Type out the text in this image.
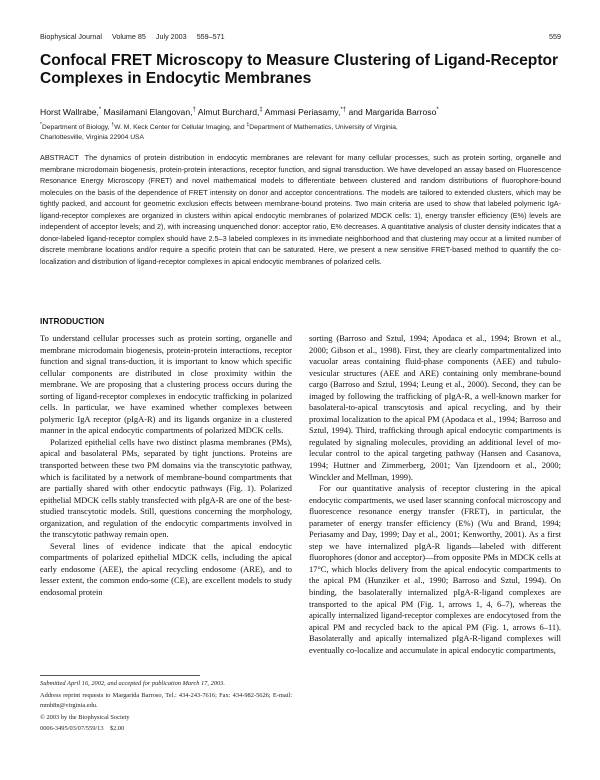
Biophysical Journal Volume 85 July 2003 559–571	559
Confocal FRET Microscopy to Measure Clustering of Ligand-Receptor Complexes in Endocytic Membranes
Horst Wallrabe,* Masilamani Elangovan,† Almut Burchard,‡ Ammasi Periasamy,*† and Margarida Barroso*
*Department of Biology, †W. M. Keck Center for Cellular Imaging, and ‡Department of Mathematics, University of Virginia,
Charlottesville, Virginia 22904 USA
ABSTRACT The dynamics of protein distribution in endocytic membranes are relevant for many cellular processes, such as protein sorting, organelle and membrane microdomain biogenesis, protein-protein interactions, receptor function, and signal transduction. We have developed an assay based on Fluorescence Resonance Energy Microscopy (FRET) and novel mathematical models to differentiate between clustered and random distributions of fluorophore-bound molecules on the basis of the dependence of FRET intensity on donor and acceptor concentrations. The models are tailored to extended clusters, which may be tightly packed, and account for geometric exclusion effects between membrane-bound proteins. Two main criteria are used to show that labeled polymeric IgA-ligand-receptor complexes are organized in clusters within apical endocytic membranes of polarized MDCK cells: 1), energy transfer efficiency (E%) levels are independent of acceptor levels; and 2), with increasing unquenched donor: acceptor ratio, E% decreases. A quantitative analysis of cluster density indicates that a donor-labeled ligand-receptor complex should have 2.5–3 labeled complexes in its immediate neighborhood and that clustering may occur at a limited number of discrete membrane locations and/or require a specific protein that can be saturated. Here, we present a new sensitive FRET-based method to quantify the co-localization and distribution of ligand-receptor complexes in apical endocytic membranes of polarized cells.
INTRODUCTION

To understand cellular processes such as protein sorting, organelle and membrane microdomain biogenesis, protein-protein interactions, receptor function and signal trans-duction, it is important to know which specific cellular components are distributed in close proximity within the membrane. We are proposing that a clustering process occurs during the sorting of ligand-receptor complexes in endocytic trafficking in polarized cells. In particular, we have examined whether complexes between polymeric IgA receptor (pIgA-R) and its ligands organize in a clustered manner in the apical endocytic compartments of polarized MDCK cells.

Polarized epithelial cells have two distinct plasma membranes (PMs), apical and basolateral PMs, separated by tight junctions. Proteins are transported between these two PM domains via the transcytotic pathway, which is facilitated by a network of membrane-bound compartments that are partially shared with other endocytic pathways (Fig. 1). Polarized epithelial MDCK cells stably transfected with pIgA-R are one of the best-studied transcytotic models. Still, questions concerning the morphology, organization, and regulation of the endocytic compartments involved in the transcytotic pathway remain open.

Several lines of evidence indicate that the apical endocytic compartments of polarized epithelial MDCK cells, including the apical early endosome (AEE), the apical recycling endosome (ARE), and to lesser extent, the common endo-some (CE), are excellent models to study endosomal protein

sorting (Barroso and Sztul, 1994; Apodaca et al., 1994; Brown et al., 2000; Gibson et al., 1998). First, they are clearly compartmentalized into vacuolar areas containing fluid-phase components (AEE) and tubulo-vesicular structures (AEE and ARE) containing only membrane-bound cargo (Barroso and Sztul, 1994; Leung et al., 2000). Second, they can be imaged by following the trafficking of pIgA-R, a well-known marker for basolateral-to-apical transcytosis and apical recycling, and by their proximal localization to the apical PM (Apodaca et al., 1994; Barroso and Sztul, 1994). Third, trafficking through apical endocytic compartments is regulated by signaling molecules, providing an additional level of mo-lecular control to the apical targeting pathway (Hansen and Casanova, 1994; Huttner and Zimmerberg, 2001; Van Ijzendoorn et al., 2000; Winckler and Mellman, 1999).

For our quantitative analysis of receptor clustering in the apical endocytic compartments, we used laser scanning confocal microscopy and fluorescence resonance energy transfer (FRET), in particular, the parameter of energy transfer efficiency (E%) (Wu and Brand, 1994; Periasamy and Day, 1999; Day et al., 2001; Kenworthy, 2001). As a first step we have internalized pIgA-R ligands—labeled with different fluorophores (donor and acceptor)—from opposite PMs in MDCK cells at 17°C, which blocks delivery from the apical endocytic compartments to the apical PM (Hunziker et al., 1990; Barroso and Sztul, 1994). On binding, the basolaterally internalized pIgA-R-ligand complexes are transported to the apical PM (Fig. 1, arrows 1, 4, 6–7), whereas the apically internalized ligand-receptor complexes are endocytosed from the apical PM and recycled back to the apical PM (Fig. 1, arrows 6–11). Basolaterally and apically internalized pIgA-R-ligand complexes will eventually co-localize and accumulate in apical endocytic compartments,

Submitted April 16, 2002, and accepted for publication March 17, 2003.

Address reprint requests to Margarida Barroso, Tel.: 434-243-7616; Fax: 434-982-5626; E-mail: mmb8n@virginia.edu.

© 2003 by the Biophysical Society

0006-3495/03/07/559/13    $2.00
